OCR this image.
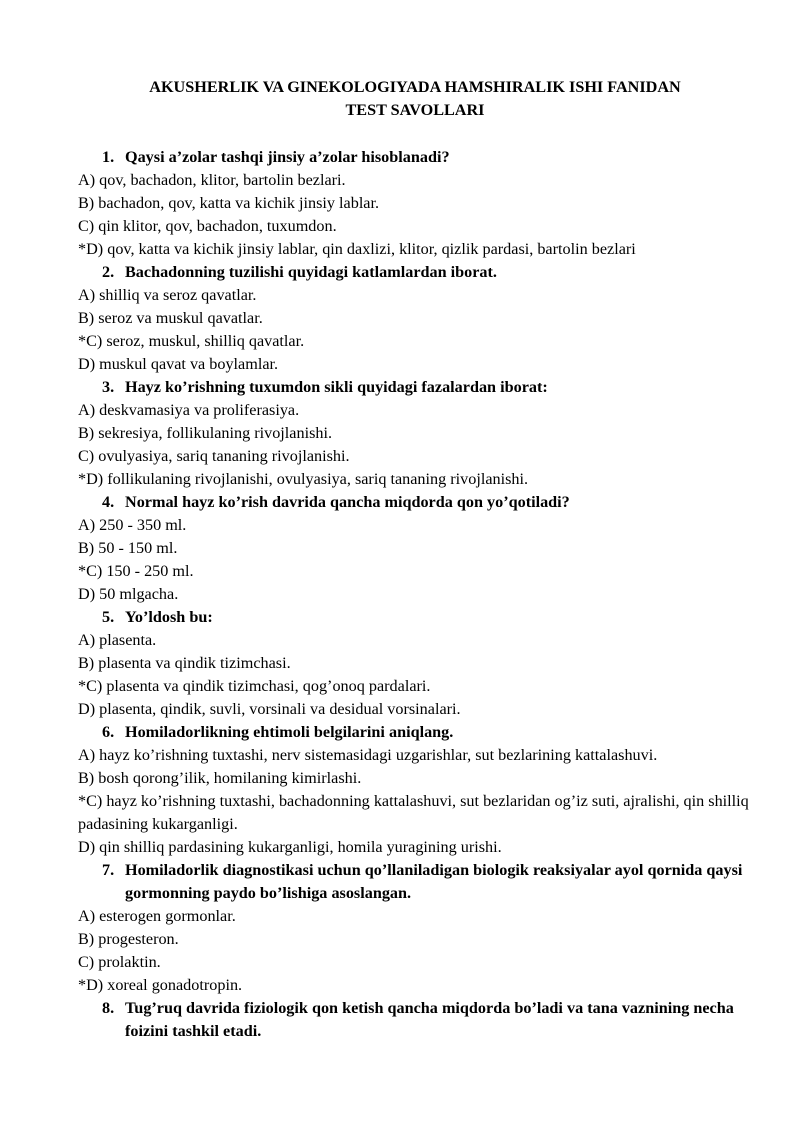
AKUSHERLIK VA GINEKOLOGIYADA HAMSHIRALIK ISHI FANIDAN
TEST SAVOLLARI
1. Qaysi a’zolar tashqi jinsiy a’zolar hisoblanadi?
A) qov, bachadon, klitor, bartolin bezlari.
B) bachadon, qov, katta va kichik jinsiy lablar.
C) qin klitor, qov, bachadon, tuxumdon.
*D) qov, katta va kichik jinsiy lablar, qin daxlizi, klitor, qizlik pardasi, bartolin bezlari
2. Bachadonning tuzilishi quyidagi katlamlardan iborat.
A) shilliq va seroz qavatlar.
B) seroz va muskul qavatlar.
*C) seroz, muskul, shilliq qavatlar.
D) muskul qavat va boylamlar.
3. Hayz ko’rishning tuxumdon sikli quyidagi fazalardan iborat:
A) deskvamasiya va proliferasiya.
B) sekresiya, follikulaning rivojlanishi.
C) ovulyasiya, sariq tananing rivojlanishi.
*D) follikulaning rivojlanishi, ovulyasiya, sariq tananing rivojlanishi.
4. Normal hayz ko’rish davrida qancha miqdorda qon yo’qotiladi?
A) 250 - 350 ml.
B) 50 - 150 ml.
*C) 150 - 250 ml.
D) 50 mlgacha.
5. Yo’ldosh bu:
A) plasenta.
B) plasenta va qindik tizimchasi.
*C) plasenta va qindik tizimchasi, qog’onoq pardalari.
D) plasenta, qindik, suvli, vorsinali va desidual vorsinalari.
6. Homiladorlikning ehtimoli belgilarini aniqlang.
A) hayz ko’rishning tuxtashi, nerv sistemasidagi uzgarishlar, sut bezlarining kattalashuvi.
B) bosh qorong’ilik, homilaning kimirlashi.
*C) hayz ko’rishning tuxtashi, bachadonning kattalashuvi, sut bezlaridan og’iz suti, ajralishi, qin shilliq padasining kukarganligi.
D) qin shilliq pardasining kukarganligi, homila yuragining urishi.
7. Homiladorlik diagnostikasi uchun qo’llaniladigan biologik reaksiyalar ayol qornida qaysi gormonning paydo bo’lishiga asoslangan.
A) esterogen gormonlar.
B) progesteron.
C) prolaktin.
*D) xoreal gonadotropin.
8. Tug’ruq davrida fiziologik qon ketish qancha miqdorda bo’ladi va tana vaznining necha foizini tashkil etadi.
